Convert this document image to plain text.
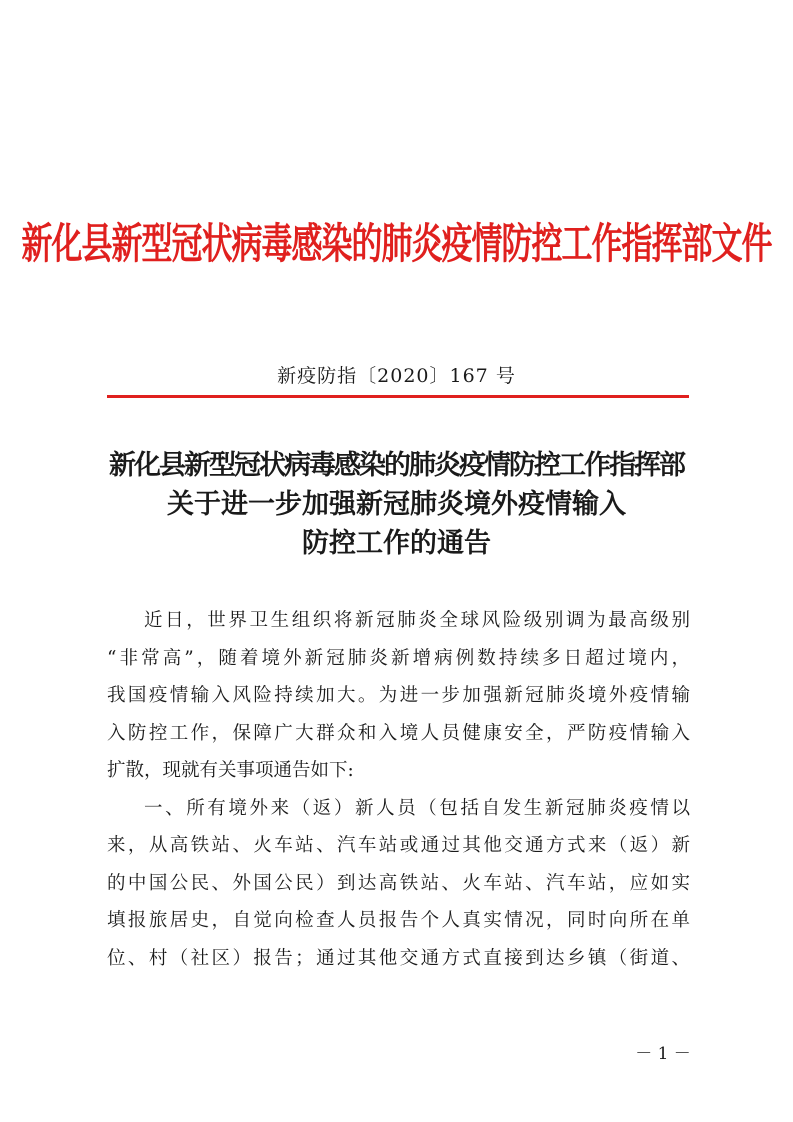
新化县新型冠状病毒感染的肺炎疫情防控工作指挥部文件
新疫防指〔2020〕167 号
新化县新型冠状病毒感染的肺炎疫情防控工作指挥部
关于进一步加强新冠肺炎境外疫情输入
防控工作的通告
近日，世界卫生组织将新冠肺炎全球风险级别调为最高级别
“非常高”，随着境外新冠肺炎新增病例数持续多日超过境内，
我国疫情输入风险持续加大。为进一步加强新冠肺炎境外疫情输
入防控工作，保障广大群众和入境人员健康安全，严防疫情输入
扩散，现就有关事项通告如下:
一、所有境外来（返）新人员（包括自发生新冠肺炎疫情以
来，从高铁站、火车站、汽车站或通过其他交通方式来（返）新
的中国公民、外国公民）到达高铁站、火车站、汽车站，应如实
填报旅居史，自觉向检查人员报告个人真实情况，同时向所在单
位、村（社区）报告；通过其他交通方式直接到达乡镇（街道、
－ 1 －
